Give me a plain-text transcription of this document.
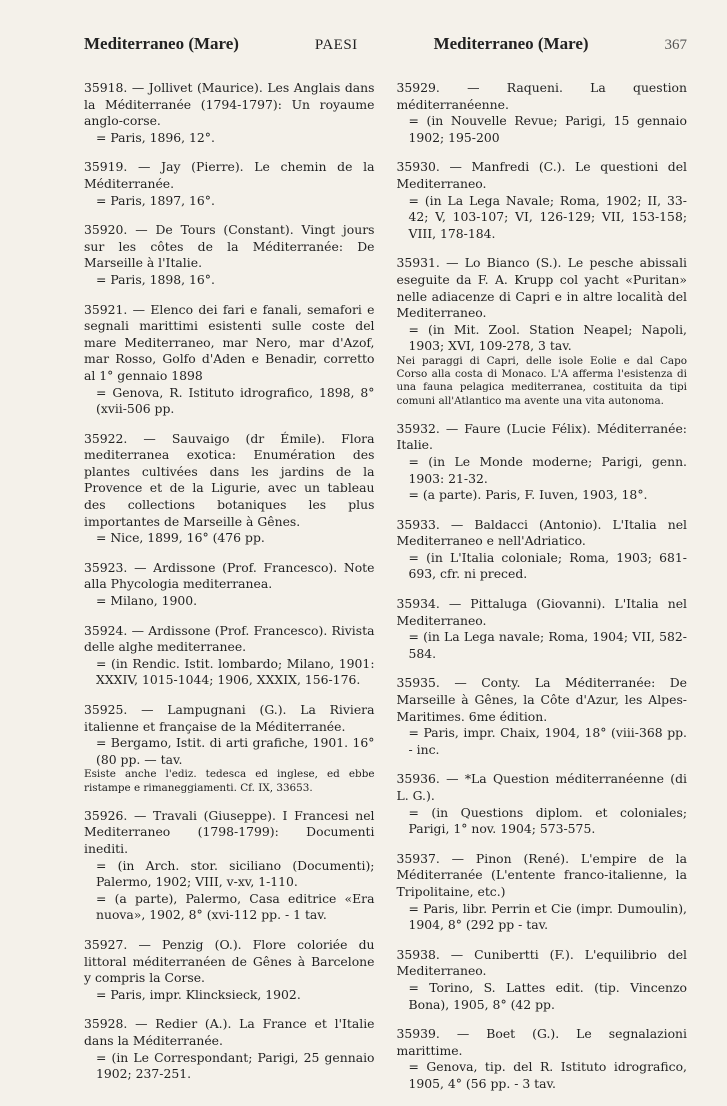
Mediterraneo (Mare)	PAESI	Mediterraneo (Mare)	367

35918. — Jollivet (Maurice). Les Anglais dans la Méditerranée (1794-1797): Un royaume anglo-corse.

= Paris, 1896, 12°.

35919. — Jay (Pierre). Le chemin de la Méditerranée.

= Paris, 1897, 16°.

35920. — De Tours (Constant). Vingt jours sur les côtes de la Méditerranée: De Marseille à l'Italie.

= Paris, 1898, 16°.

35921. — Elenco dei fari e fanali, semafori e segnali marittimi esistenti sulle coste del mare Mediterraneo, mar Nero, mar d'Azof, mar Rosso, Golfo d'Aden e Benadir, corretto al 1° gennaio 1898

= Genova, R. Istituto idrografico, 1898, 8° (xvii-506 pp.

35922. — Sauvaigo (dr Émile). Flora mediterranea exotica: Enumération des plantes cultivées dans les jardins de la Provence et de la Ligurie, avec un tableau des collections botaniques les plus importantes de Marseille à Gênes.

= Nice, 1899, 16° (476 pp.

35923. — Ardissone (Prof. Francesco). Note alla Phycologia mediterranea.

= Milano, 1900.

35924. — Ardissone (Prof. Francesco). Rivista delle alghe mediterranee.

= (in Rendic. Istit. lombardo; Milano, 1901: XXXIV, 1015-1044; 1906, XXXIX, 156-176.

35925. — Lampugnani (G.). La Riviera italienne et française de la Méditerranée.

= Bergamo, Istit. di arti grafiche, 1901. 16° (80 pp. — tav.

Esiste anche l'ediz. tedesca ed inglese, ed ebbe ristampe e rimaneggiamenti. Cf. IX, 33653.

35926. — Travali (Giuseppe). I Francesi nel Mediterraneo (1798-1799): Documenti inediti.

= (in Arch. stor. siciliano (Documenti); Palermo, 1902; VIII, v-xv, 1-110.

= (a parte), Palermo, Casa editrice «Era nuova», 1902, 8° (xvi-112 pp. - 1 tav.

35927. — Penzig (O.). Flore coloriée du littoral méditerranéen de Gênes à Barcelone y compris la Corse.

= Paris, impr. Klincksieck, 1902.

35928. — Redier (A.). La France et l'Italie dans la Méditerranée.

= (in Le Correspondant; Parigi, 25 gennaio 1902; 237-251.

35929. — Raqueni. La question méditerranéenne.

= (in Nouvelle Revue; Parigi, 15 gennaio 1902; 195-200

35930. — Manfredi (C.). Le questioni del Mediterraneo.

= (in La Lega Navale; Roma, 1902; II, 33-42; V, 103-107; VI, 126-129; VII, 153-158; VIII, 178-184.

35931. — Lo Bianco (S.). Le pesche abissali eseguite da F. A. Krupp col yacht «Puritan» nelle adiacenze di Capri e in altre località del Mediterraneo.

= (in Mit. Zool. Station Neapel; Napoli, 1903; XVI, 109-278, 3 tav.

Nei paraggi di Capri, delle isole Eolie e dal Capo Corso alla costa di Monaco. L'A afferma l'esistenza di una fauna pelagica mediterranea, costituita da tipi comuni all'Atlantico ma avente una vita autonoma.

35932. — Faure (Lucie Félix). Méditerranée: Italie.

= (in Le Monde moderne; Parigi, genn. 1903: 21-32.

= (a parte). Paris, F. Iuven, 1903, 18°.

35933. — Baldacci (Antonio). L'Italia nel Mediterraneo e nell'Adriatico.

= (in L'Italia coloniale; Roma, 1903; 681-693, cfr. ni preced.

35934. — Pittaluga (Giovanni). L'Italia nel Mediterraneo.

= (in La Lega navale; Roma, 1904; VII, 582-584.

35935. — Conty. La Méditerranée: De Marseille à Gênes, la Côte d'Azur, les Alpes-Maritimes. 6me édition.

= Paris, impr. Chaix, 1904, 18° (viii-368 pp. - inc.

35936. — *La Question méditerranéenne (di L. G.).

= (in Questions diplom. et coloniales; Parigi, 1° nov. 1904; 573-575.

35937. — Pinon (René). L'empire de la Méditerranée (L'entente franco-italienne, la Tripolitaine, etc.)

= Paris, libr. Perrin et Cie (impr. Dumoulin), 1904, 8° (292 pp - tav.

35938. — Cunibertti (F.). L'equilibrio del Mediterraneo.

= Torino, S. Lattes edit. (tip. Vincenzo Bona), 1905, 8° (42 pp.

35939. — Boet (G.). Le segnalazioni marittime.

= Genova, tip. del R. Istituto idrografico, 1905, 4° (56 pp. - 3 tav.
